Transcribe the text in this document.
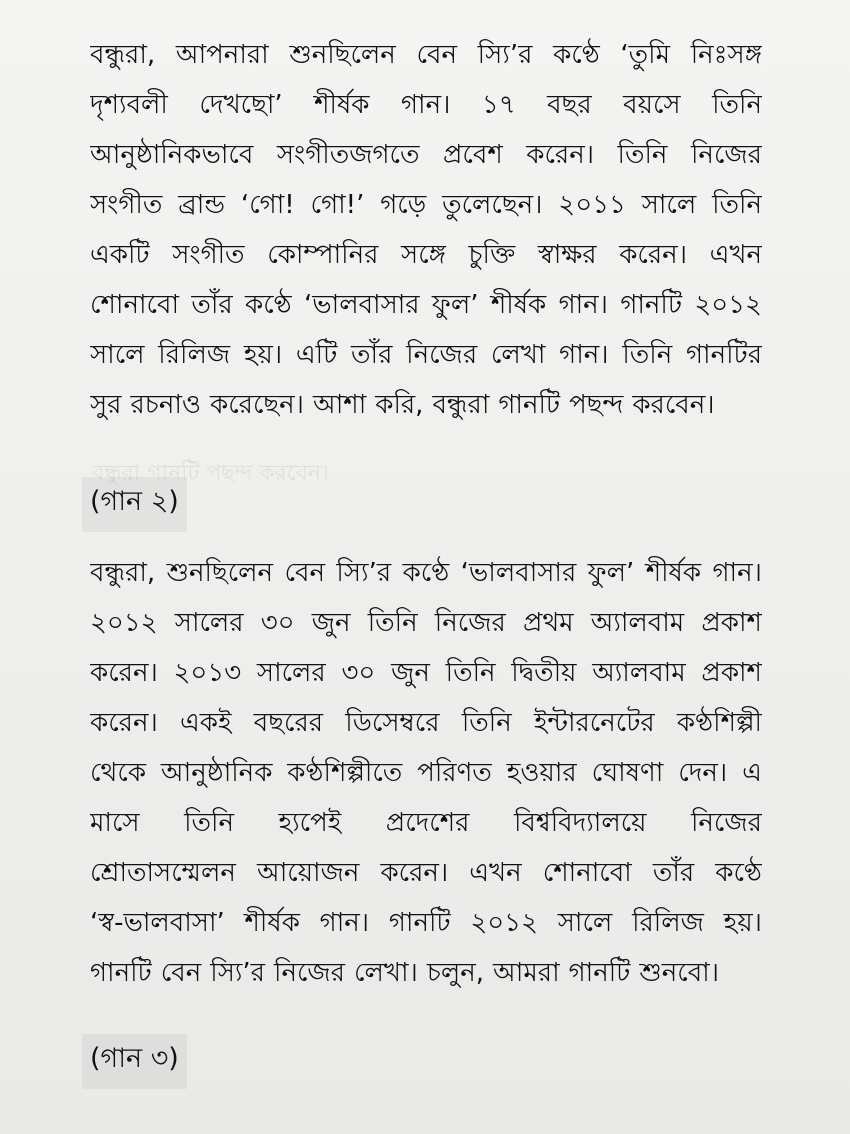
বন্ধুরা গানটি পছন্দ করবেন।
বন্ধুরা, আপনারা শুনছিলেন বেন স্যি’র কণ্ঠে ‘তুমি নিঃসঙ্গ
দৃশ্যবলী দেখছো’ শীর্ষক গান। ১৭ বছর বয়সে তিনি
আনুষ্ঠানিকভাবে সংগীতজগতে প্রবেশ করেন। তিনি নিজের
সংগীত ব্রান্ড ‘গো! গো!’ গড়ে তুলেছেন। ২০১১ সালে তিনি
একটি সংগীত কোম্পানির সঙ্গে চুক্তি স্বাক্ষর করেন। এখন
শোনাবো তাঁর কণ্ঠে ‘ভালবাসার ফুল’ শীর্ষক গান। গানটি ২০১২
সালে রিলিজ হয়। এটি তাঁর নিজের লেখা গান। তিনি গানটির
সুর রচনাও করেছেন। আশা করি, বন্ধুরা গানটি পছন্দ করবেন।
(গান ২)
বন্ধুরা, শুনছিলেন বেন স্যি’র কণ্ঠে ‘ভালবাসার ফুল’ শীর্ষক গান।
২০১২ সালের ৩০ জুন তিনি নিজের প্রথম অ্যালবাম প্রকাশ
করেন। ২০১৩ সালের ৩০ জুন তিনি দ্বিতীয় অ্যালবাম প্রকাশ
করেন। একই বছরের ডিসেম্বরে তিনি ইন্টারনেটের কণ্ঠশিল্পী
থেকে আনুষ্ঠানিক কণ্ঠশিল্পীতে পরিণত হওয়ার ঘোষণা দেন। এ
মাসে তিনি হ্যপেই প্রদেশের বিশ্ববিদ্যালয়ে নিজের
শ্রোতাসম্মেলন আয়োজন করেন। এখন শোনাবো তাঁর কণ্ঠে
‘স্ব-ভালবাসা’ শীর্ষক গান। গানটি ২০১২ সালে রিলিজ হয়।
গানটি বেন স্যি’র নিজের লেখা। চলুন, আমরা গানটি শুনবো।
(গান ৩)
